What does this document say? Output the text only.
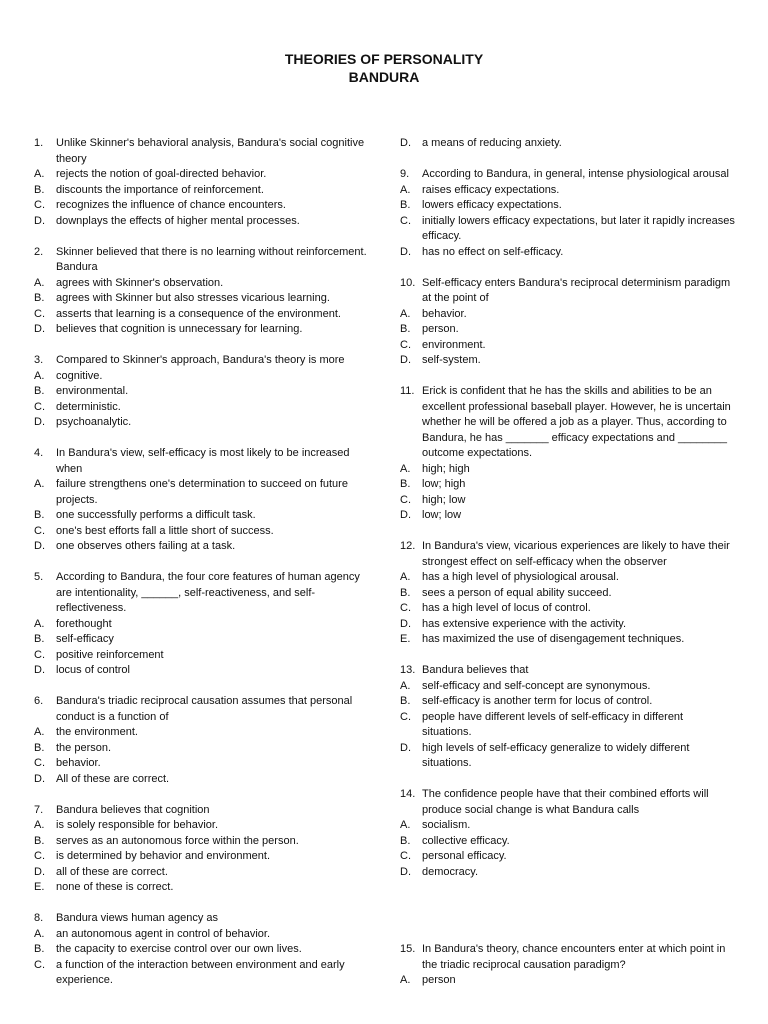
THEORIES OF PERSONALITY
BANDURA
1.	Unlike Skinner's behavioral analysis, Bandura's social cognitive theory
A.	rejects the notion of goal-directed behavior.
B.	discounts the importance of reinforcement.
C.	recognizes the influence of chance encounters.
D.	downplays the effects of higher mental processes.
2.	Skinner believed that there is no learning without reinforcement. Bandura
A.	agrees with Skinner's observation.
B.	agrees with Skinner but also stresses vicarious learning.
C.	asserts that learning is a consequence of the environment.
D.	believes that cognition is unnecessary for learning.
3.	Compared to Skinner's approach, Bandura's theory is more
A.	cognitive.
B.	environmental.
C.	deterministic.
D.	psychoanalytic.
4.	In Bandura's view, self-efficacy is most likely to be increased when
A.	failure strengthens one's determination to succeed on future projects.
B.	one successfully performs a difficult task.
C.	one's best efforts fall a little short of success.
D.	one observes others failing at a task.
5.	According to Bandura, the four core features of human agency are intentionality, ______, self-reactiveness, and self-reflectiveness.
A.	forethought
B.	self-efficacy
C.	positive reinforcement
D.	locus of control
6.	Bandura's triadic reciprocal causation assumes that personal conduct is a function of
A.	the environment.
B.	the person.
C.	behavior.
D.	All of these are correct.
7.	Bandura believes that cognition
A.	is solely responsible for behavior.
B.	serves as an autonomous force within the person.
C.	is determined by behavior and environment.
D.	all of these are correct.
E.	none of these is correct.
8.	Bandura views human agency as
A.	an autonomous agent in control of behavior.
B.	the capacity to exercise control over our own lives.
C.	a function of the interaction between environment and early experience.
D.	a means of reducing anxiety.
9.	According to Bandura, in general, intense physiological arousal
A.	raises efficacy expectations.
B.	lowers efficacy expectations.
C.	initially lowers efficacy expectations, but later it rapidly increases efficacy.
D.	has no effect on self-efficacy.
10. Self-efficacy enters Bandura's reciprocal determinism paradigm at the point of
A.	behavior.
B.	person.
C.	environment.
D.	self-system.
11. Erick is confident that he has the skills and abilities to be an excellent professional baseball player. However, he is uncertain whether he will be offered a job as a player. Thus, according to Bandura, he has _______ efficacy expectations and ________ outcome expectations.
A.	high; high
B.	low; high
C.	high; low
D.	low; low
12. In Bandura's view, vicarious experiences are likely to have their strongest effect on self-efficacy when the observer
A.	has a high level of physiological arousal.
B.	sees a person of equal ability succeed.
C.	has a high level of locus of control.
D.	has extensive experience with the activity.
E.	has maximized the use of disengagement techniques.
13. Bandura believes that
A.	self-efficacy and self-concept are synonymous.
B.	self-efficacy is another term for locus of control.
C.	people have different levels of self-efficacy in different situations.
D.	high levels of self-efficacy generalize to widely different situations.
14. The confidence people have that their combined efforts will produce social change is what Bandura calls
A.	socialism.
B.	collective efficacy.
C.	personal efficacy.
D.	democracy.
15. In Bandura's theory, chance encounters enter at which point in the triadic reciprocal causation paradigm?
A.	person
